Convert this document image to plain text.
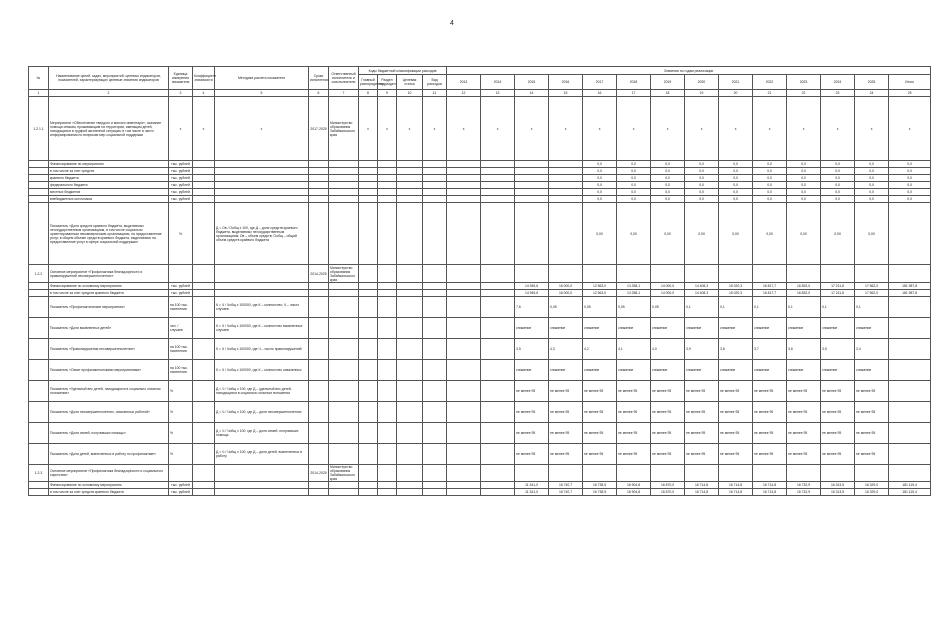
4
№	Наименование целей, задач, мероприятий, целевых индикаторов, показателей, характеризующих целевые значения индикаторов	Единица измерения показателя	Коэффициент значимости	Методика расчета показателя	Сроки исполнения	Ответственный исполнитель и соисполнители	Коды бюджетной классификации расходов				Значения по годам реализации													
							Главный распорядитель	Раздел подраздел	Целевая статья	Вид расходов	2013	2014	2015	2016	2017	2018	2019	2020	2021	2022	2023	2024	2025	Итого
1	2	3	4	5	6	7	8	9	10	11	12	13	14	15	16	17	18	19	20	21	22	23	24	25
1.2.1.1	Мероприятие «Обеспечение твердого и мягкого инвентаря», оказание помощи семьям, проживающим на территории, имеющим детей, находящихся в трудной жизненной ситуации, в том числе в части информирования по вопросам мер социальной поддержки	x	x	x	2017-2025	Министерство образования Забайкальского края	x	x	x	x	x	x	x	x	x	x	x	x	x	x	x	x	x	x
	Финансирование по мероприятию	тыс. рублей													0,0	0,0	0,0	0,0	0,0	0,0	0,0	0,0	0,0	0,0
	в том числе за счет средств	тыс. рублей													0,0	0,0	0,0	0,0	0,0	0,0	0,0	0,0	0,0	0,0
	краевого бюджета	тыс. рублей													0,0	0,0	0,0	0,0	0,0	0,0	0,0	0,0	0,0	0,0
	федерального бюджета	тыс. рублей													0,0	0,0	0,0	0,0	0,0	0,0	0,0	0,0	0,0	0,0
	местных бюджетов	тыс. рублей													0,0	0,0	0,0	0,0	0,0	0,0	0,0	0,0	0,0	0,0
	внебюджетных источников	тыс. рублей													0,0	0,0	0,0	0,0	0,0	0,0	0,0	0,0	0,0	0,0
	Показатель «Доля средств краевого бюджета, выделяемых негосударственным организациям, в том числе социально ориентированным некоммерческим организациям, на предоставление услуг, в общем объеме средств краевого бюджета, выделяемых на предоставление услуг в сфере социальной поддержки»	%		Д = Ов / Ообщ x 100, где Д – доля средств краевого бюджета, выделяемых негосударственным организациям; Ов – объем средств; Ообщ – общий объем средств краевого бюджета											0,00	0,00	0,00	0,00	0,00	0,00	0,00	0,00	0,00	
1.2.2	Основное мероприятие «Профилактика безнадзорности и правонарушений несовершеннолетних»				2014-2025	Министерство образования Забайкальского края																		
	Финансирование по основному мероприятию	тыс. рублей											14 945,6	16 000,0	12 563,0	13 258,1	14 000,0	14 408,3	15 020,3	16 817,7	16 832,0	17 211,8	17 562,0	181 987,8
	в том числе за счет средств краевого бюджета	тыс. рублей											14 945,6	16 000,0	12 563,0	13 258,1	14 000,0	14 408,3	15 020,3	16 817,7	16 832,0	17 211,8	17 562,0	181 987,8
	Показатель «Профилактические мероприятия»	на 100 тыс. населения		К = Ч / Чобщ x 100000, где К – количество; Ч – число случаев									7,6	0,05	0,05	0,05	0,05	0,1	0,1	0,1	0,1	0,1	0,1	
	Показатель «Доля выявленных детей»	чел. / случаев		К = Ч / Чобщ x 100000, где К – количество выявленных случаев									снижение	снижение	снижение	снижение	снижение	снижение	снижение	снижение	снижение	снижение	снижение	
	Показатель «Правонарушения несовершеннолетних»	на 100 тыс. населения		К = Ч / Чобщ x 100000, где Ч – число правонарушений									3,5	4,3	4,2	4,1	4,0	3,9	3,8	3,7	3,6	3,5	3,4	
	Показатель «Охват профилактическими мероприятиями»	на 100 тыс. населения		К = Ч / Чобщ x 100000, где К – количество охваченных									снижение	снижение	снижение	снижение	снижение	снижение	снижение	снижение	снижение	снижение	снижение	
	Показатель «Удельный вес детей, находящихся в социально опасном положении»	%		Д = Ч / Чобщ x 100, где Д – удельный вес детей, находящихся в социально опасном положении									не менее 95	не менее 95	не менее 95	не менее 95	не менее 95	не менее 95	не менее 95	не менее 95	не менее 95	не менее 95	не менее 95	
	Показатель «Доля несовершеннолетних, охваченных работой»	%		Д = Ч / Чобщ x 100, где Д – доля несовершеннолетних									не менее 95	не менее 95	не менее 95	не менее 95	не менее 95	не менее 95	не менее 95	не менее 95	не менее 95	не менее 95	не менее 95	
	Показатель «Доля семей, получивших помощь»	%		Д = Ч / Чобщ x 100, где Д – доля семей, получивших помощь									не менее 95	не менее 95	не менее 95	не менее 95	не менее 95	не менее 95	не менее 95	не менее 95	не менее 95	не менее 95	не менее 95	
	Показатель «Доля детей, вовлеченных в работу по профилактике»	%		Д = Ч / Чобщ x 100, где Д – доля детей, вовлеченных в работу									не менее 95	не менее 95	не менее 95	не менее 95	не менее 95	не менее 95	не менее 95	не менее 95	не менее 95	не менее 95	не менее 95	
1.2.3	Основное мероприятие «Профилактика безнадзорности и социального сиротства»				2014-2025	Министерство образования Забайкальского края																		
	Финансирование по основному мероприятию	тыс. рублей											11 341,0	16 740,7	16 738,5	16 904,8	16 870,0	16 714,8	16 714,8	16 714,8	16 732,9	16 313,5	16 329,0	181 115,4
	в том числе за счет средств краевого бюджета	тыс. рублей											11 341,0	16 740,7	16 738,5	16 904,8	16 870,0	16 714,8	16 714,8	16 714,8	16 732,9	16 313,5	16 329,0	181 115,4
